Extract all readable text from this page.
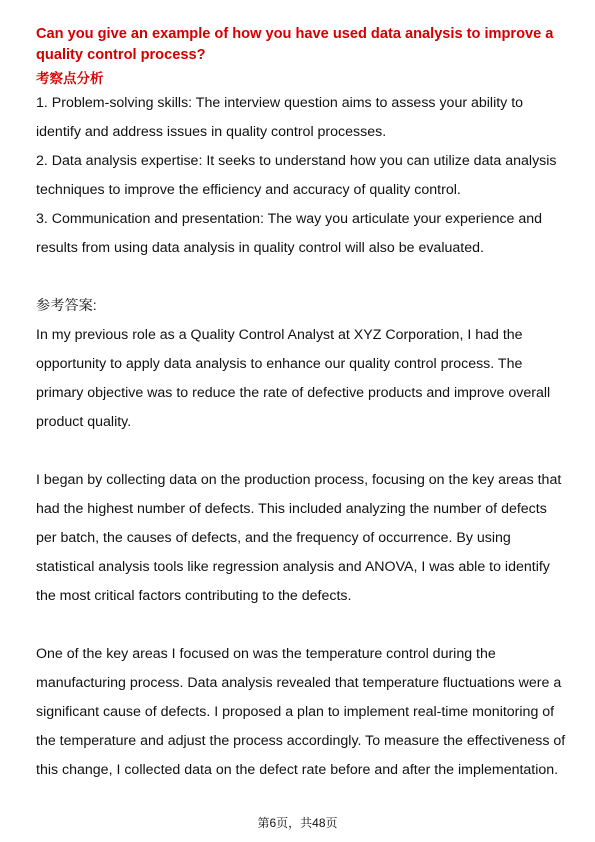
Can you give an example of how you have used data analysis to improve a quality control process?

考察点分析

1. Problem-solving skills: The interview question aims to assess your ability to identify and address issues in quality control processes.

2. Data analysis expertise: It seeks to understand how you can utilize data analysis techniques to improve the efficiency and accuracy of quality control.

3. Communication and presentation: The way you articulate your experience and results from using data analysis in quality control will also be evaluated.

参考答案:

In my previous role as a Quality Control Analyst at XYZ Corporation, I had the opportunity to apply data analysis to enhance our quality control process. The primary objective was to reduce the rate of defective products and improve overall product quality.

I began by collecting data on the production process, focusing on the key areas that had the highest number of defects. This included analyzing the number of defects per batch, the causes of defects, and the frequency of occurrence. By using statistical analysis tools like regression analysis and ANOVA, I was able to identify the most critical factors contributing to the defects.

One of the key areas I focused on was the temperature control during the manufacturing process. Data analysis revealed that temperature fluctuations were a significant cause of defects. I proposed a plan to implement real-time monitoring of the temperature and adjust the process accordingly. To measure the effectiveness of this change, I collected data on the defect rate before and after the implementation.

第6页，共48页
